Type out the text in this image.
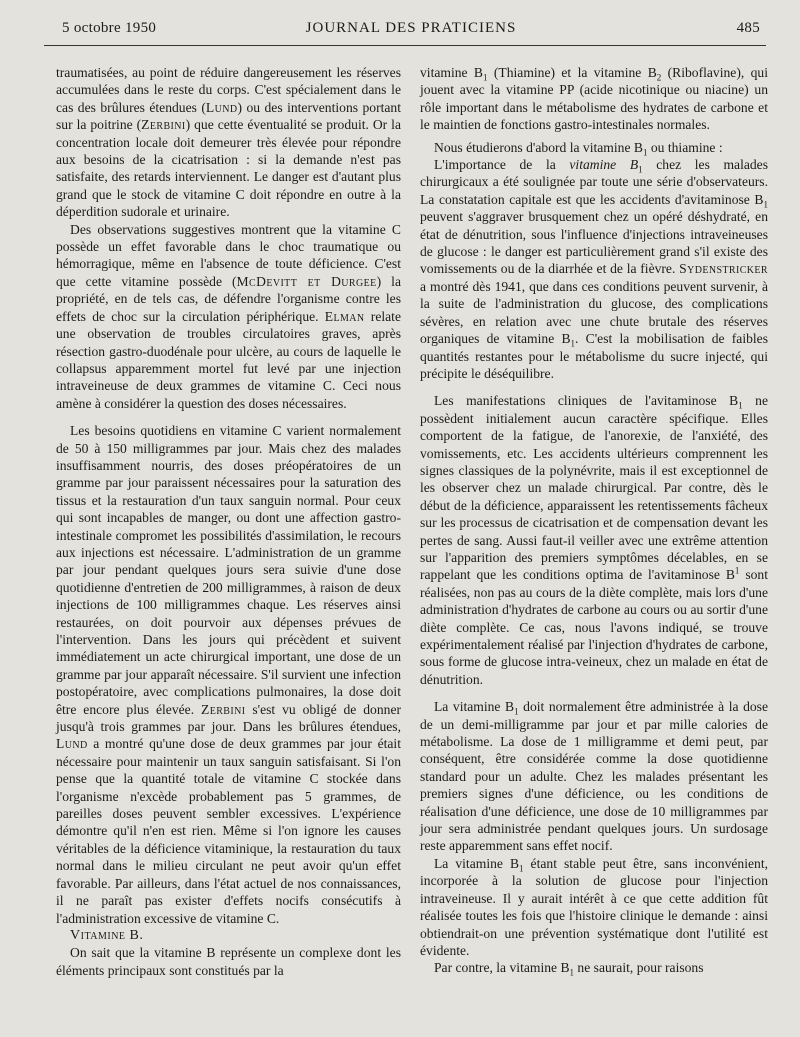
5 octobre 1950	JOURNAL DES PRATICIENS	485

traumatisées, au point de réduire dangereusement les réserves accumulées dans le reste du corps. C'est spécialement dans le cas des brûlures étendues (Lund) ou des interventions portant sur la poitrine (Zerbini) que cette éventualité se produit. Or la concentration locale doit demeurer très élevée pour répondre aux besoins de la cicatrisation : si la demande n'est pas satisfaite, des retards interviennent. Le danger est d'autant plus grand que le stock de vitamine C doit répondre en outre à la déperdition sudorale et urinaire.

Des observations suggestives montrent que la vitamine C possède un effet favorable dans le choc traumatique ou hémorragique, même en l'absence de toute déficience. C'est que cette vitamine possède (McDevitt et Durgee) la propriété, en de tels cas, de défendre l'organisme contre les effets de choc sur la circulation périphérique. Elman relate une observation de troubles circulatoires graves, après résection gastro-duodénale pour ulcère, au cours de laquelle le collapsus apparemment mortel fut levé par une injection intraveineuse de deux grammes de vitamine C. Ceci nous amène à considérer la question des doses nécessaires.

Les besoins quotidiens en vitamine C varient normalement de 50 à 150 milligrammes par jour. Mais chez des malades insuffisamment nourris, des doses préopératoires de un gramme par jour paraissent nécessaires pour la saturation des tissus et la restauration d'un taux sanguin normal. Pour ceux qui sont incapables de manger, ou dont une affection gastro-intestinale compromet les possibilités d'assimilation, le recours aux injections est nécessaire. L'administration de un gramme par jour pendant quelques jours sera suivie d'une dose quotidienne d'entretien de 200 milligrammes, à raison de deux injections de 100 milligrammes chaque. Les réserves ainsi restaurées, on doit pourvoir aux dépenses prévues de l'intervention. Dans les jours qui précèdent et suivent immédiatement un acte chirurgical important, une dose de un gramme par jour apparaît nécessaire. S'il survient une infection postopératoire, avec complications pulmonaires, la dose doit être encore plus élevée. Zerbini s'est vu obligé de donner jusqu'à trois grammes par jour. Dans les brûlures étendues, Lund a montré qu'une dose de deux grammes par jour était nécessaire pour maintenir un taux sanguin satisfaisant. Si l'on pense que la quantité totale de vitamine C stockée dans l'organisme n'excède probablement pas 5 grammes, de pareilles doses peuvent sembler excessives. L'expérience démontre qu'il n'en est rien. Même si l'on ignore les causes véritables de la déficience vitaminique, la restauration du taux normal dans le milieu circulant ne peut avoir qu'un effet favorable. Par ailleurs, dans l'état actuel de nos connaissances, il ne paraît pas exister d'effets nocifs consécutifs à l'administration excessive de vitamine C.

Vitamine B.

On sait que la vitamine B représente un complexe dont les éléments principaux sont constitués par la

vitamine $B_1$ (Thiamine) et la vitamine $B_2$ (Riboflavine), qui jouent avec la vitamine PP (acide nicotinique ou niacine) un rôle important dans le métabolisme des hydrates de carbone et le maintien de fonctions gastro-intestinales normales.

Nous étudierons d'abord la vitamine $B_1$ ou thiamine :

L'importance de la vitamine $B_1$ chez les malades chirurgicaux a été soulignée par toute une série d'observateurs. La constatation capitale est que les accidents d'avitaminose $B_1$ peuvent s'aggraver brusquement chez un opéré déshydraté, en état de dénutrition, sous l'influence d'injections intraveineuses de glucose : le danger est particulièrement grand s'il existe des vomissements ou de la diarrhée et de la fièvre. Sydenstricker a montré dès 1941, que dans ces conditions peuvent survenir, à la suite de l'administration du glucose, des complications sévères, en relation avec une chute brutale des réserves organiques de vitamine $B_1$. C'est la mobilisation de faibles quantités restantes pour le métabolisme du sucre injecté, qui précipite le déséquilibre.

Les manifestations cliniques de l'avitaminose $B_1$ ne possèdent initialement aucun caractère spécifique. Elles comportent de la fatigue, de l'anorexie, de l'anxiété, des vomissements, etc. Les accidents ultérieurs comprennent les signes classiques de la polynévrite, mais il est exceptionnel de les observer chez un malade chirurgical. Par contre, dès le début de la déficience, apparaissent les retentissements fâcheux sur les processus de cicatrisation et de compensation devant les pertes de sang. Aussi faut-il veiller avec une extrême attention sur l'apparition des premiers symptômes décelables, en se rappelant que les conditions optima de l'avitaminose $B^1$ sont réalisées, non pas au cours de la diète complète, mais lors d'une administration d'hydrates de carbone au cours ou au sortir d'une diète complète. Ce cas, nous l'avons indiqué, se trouve expérimentalement réalisé par l'injection d'hydrates de carbone, sous forme de glucose intra-veineux, chez un malade en état de dénutrition.

La vitamine $B_1$ doit normalement être administrée à la dose de un demi-milligramme par jour et par mille calories de métabolisme. La dose de 1 milligramme et demi peut, par conséquent, être considérée comme la dose quotidienne standard pour un adulte. Chez les malades présentant les premiers signes d'une déficience, ou les conditions de réalisation d'une déficience, une dose de 10 milligrammes par jour sera administrée pendant quelques jours. Un surdosage reste apparemment sans effet nocif.

La vitamine $B_1$ étant stable peut être, sans inconvénient, incorporée à la solution de glucose pour l'injection intraveineuse. Il y aurait intérêt à ce que cette addition fût réalisée toutes les fois que l'histoire clinique le demande : ainsi obtiendrait-on une prévention systématique dont l'utilité est évidente.

Par contre, la vitamine $B_1$ ne saurait, pour raisons
